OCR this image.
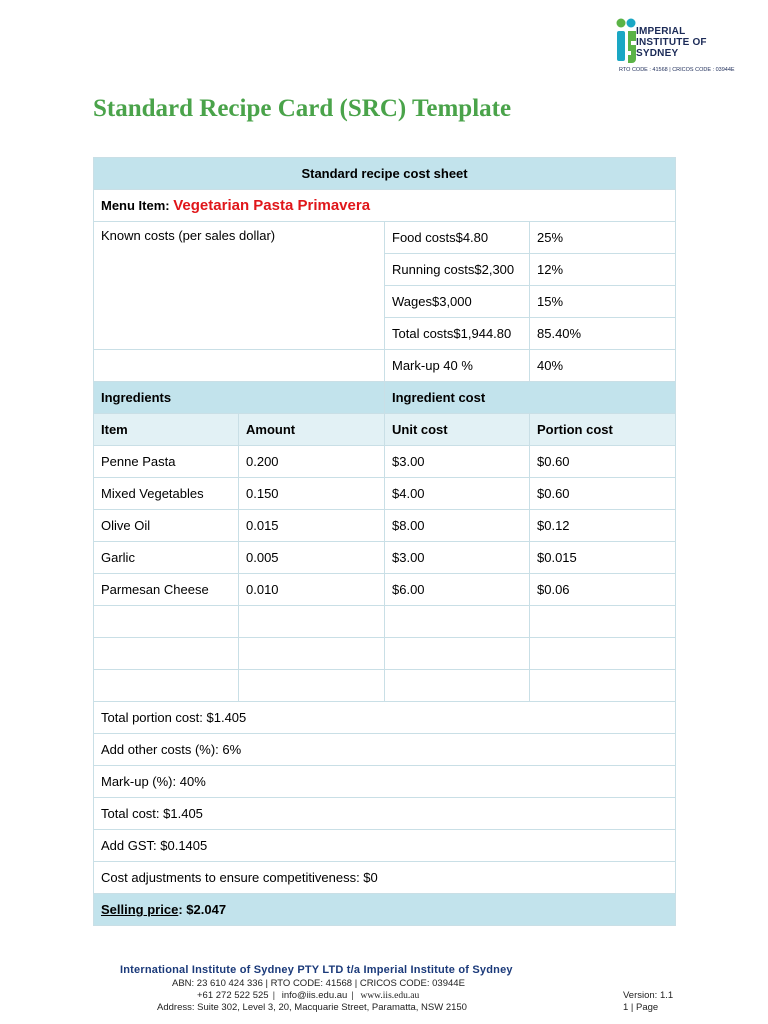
IMPERIAL
INSTITUTE OF
SYDNEY
RTO CODE : 41568 | CRICOS CODE : 03944E
Standard Recipe Card (SRC) Template
Standard recipe cost sheet			
Menu Item: Vegetarian Pasta Primavera			
Known costs (per sales dollar)		Food costs$4.80	25%
		Running costs$2,300	12%
		Wages$3,000	15%
		Total costs$1,944.80	85.40%
		Mark-up 40 %	40%
Ingredients		Ingredient cost	
Item	Amount	Unit cost	Portion cost
Penne Pasta	0.200	$3.00	$0.60
Mixed Vegetables	0.150	$4.00	$0.60
Olive Oil	0.015	$8.00	$0.12
Garlic	0.005	$3.00	$0.015
Parmesan Cheese	0.010	$6.00	$0.06

Total portion cost: $1.405			
Add other costs (%): 6%			
Mark-up (%): 40%			
Total cost: $1.405			
Add GST: $0.1405			
Cost adjustments to ensure competitiveness: $0			
Selling price: $2.047			
International Institute of Sydney PTY LTD t/a Imperial Institute of Sydney
ABN: 23 610 424 336 | RTO CODE: 41568 | CRICOS CODE: 03944E
+61 272 522 525 | info@iis.edu.au | www.iis.edu.au
Address: Suite 302, Level 3, 20, Macquarie Street, Paramatta, NSW 2150
Version: 1.1
1 | Page
